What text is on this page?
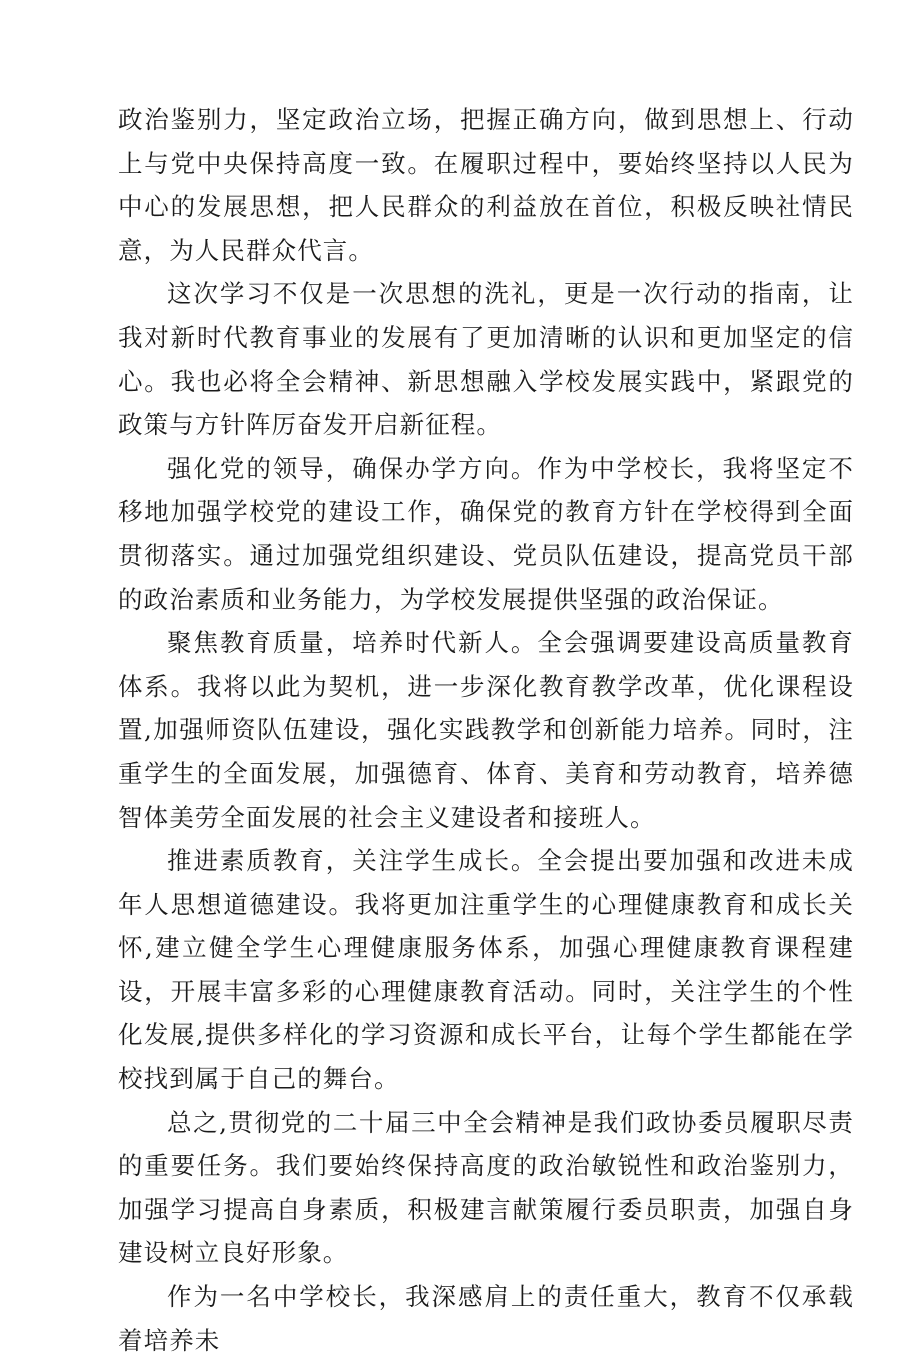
政治鉴别力，坚定政治立场，把握正确方向，做到思想上、行动上与党中央保持高度一致。在履职过程中，要始终坚持以人民为中心的发展思想，把人民群众的利益放在首位，积极反映社情民意，为人民群众代言。

这次学习不仅是一次思想的洗礼，更是一次行动的指南，让我对新时代教育事业的发展有了更加清晰的认识和更加坚定的信心。我也必将全会精神、新思想融入学校发展实践中，紧跟党的政策与方针阵厉奋发开启新征程。

强化党的领导，确保办学方向。作为中学校长，我将坚定不移地加强学校党的建设工作，确保党的教育方针在学校得到全面贯彻落实。通过加强党组织建设、党员队伍建设，提高党员干部的政治素质和业务能力，为学校发展提供坚强的政治保证。

聚焦教育质量，培养时代新人。全会强调要建设高质量教育体系。我将以此为契机，进一步深化教育教学改革，优化课程设置,加强师资队伍建设，强化实践教学和创新能力培养。同时，注重学生的全面发展，加强德育、体育、美育和劳动教育，培养德智体美劳全面发展的社会主义建设者和接班人。

推进素质教育，关注学生成长。全会提出要加强和改进未成年人思想道德建设。我将更加注重学生的心理健康教育和成长关怀,建立健全学生心理健康服务体系，加强心理健康教育课程建设，开展丰富多彩的心理健康教育活动。同时，关注学生的个性化发展,提供多样化的学习资源和成长平台，让每个学生都能在学校找到属于自己的舞台。

总之,贯彻党的二十届三中全会精神是我们政协委员履职尽责的重要任务。我们要始终保持高度的政治敏锐性和政治鉴别力，加强学习提高自身素质，积极建言献策履行委员职责，加强自身建设树立良好形象。

作为一名中学校长，我深感肩上的责任重大，教育不仅承载着培养未
